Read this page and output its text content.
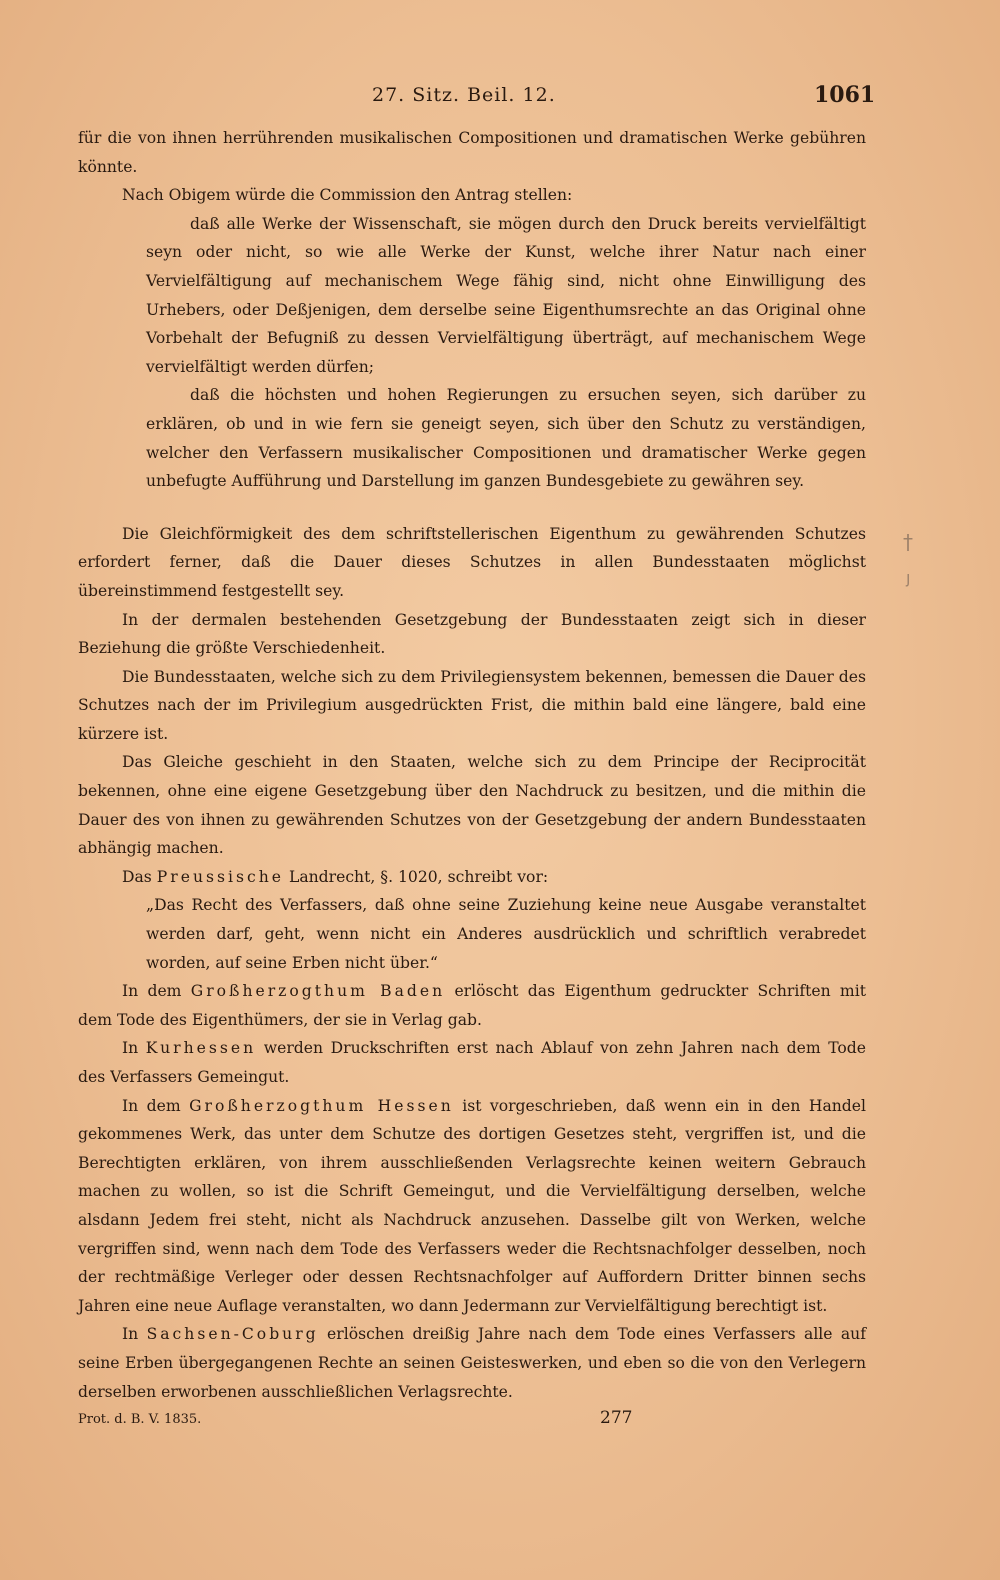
27. Sitz. Beil. 12.	1061

für die von ihnen herrührenden musikalischen Compositionen und dramatischen Werke gebühren könnte.

Nach Obigem würde die Commission den Antrag stellen:

daß alle Werke der Wissenschaft, sie mögen durch den Druck bereits vervielfältigt seyn oder nicht, so wie alle Werke der Kunst, welche ihrer Natur nach einer Vervielfältigung auf mechanischem Wege fähig sind, nicht ohne Einwilligung des Urhebers, oder Deßjenigen, dem derselbe seine Eigenthumsrechte an das Original ohne Vorbehalt der Befugniß zu dessen Vervielfältigung überträgt, auf mechanischem Wege vervielfältigt werden dürfen;

daß die höchsten und hohen Regierungen zu ersuchen seyen, sich darüber zu erklären, ob und in wie fern sie geneigt seyen, sich über den Schutz zu verständigen, welcher den Verfassern musikalischer Compositionen und dramatischer Werke gegen unbefugte Aufführung und Darstellung im ganzen Bundesgebiete zu gewähren sey.

Die Gleichförmigkeit des dem schriftstellerischen Eigenthum zu gewährenden Schutzes erfordert ferner, daß die Dauer dieses Schutzes in allen Bundesstaaten möglichst übereinstimmend festgestellt sey.

In der dermalen bestehenden Gesetzgebung der Bundesstaaten zeigt sich in dieser Beziehung die größte Verschiedenheit.

Die Bundesstaaten, welche sich zu dem Privilegiensystem bekennen, bemessen die Dauer des Schutzes nach der im Privilegium ausgedrückten Frist, die mithin bald eine längere, bald eine kürzere ist.

Das Gleiche geschieht in den Staaten, welche sich zu dem Principe der Reciprocität bekennen, ohne eine eigene Gesetzgebung über den Nachdruck zu besitzen, und die mithin die Dauer des von ihnen zu gewährenden Schutzes von der Gesetzgebung der andern Bundesstaaten abhängig machen.

Das Preussische Landrecht, §. 1020, schreibt vor:

„Das Recht des Verfassers, daß ohne seine Zuziehung keine neue Ausgabe veranstaltet werden darf, geht, wenn nicht ein Anderes ausdrücklich und schriftlich verabredet worden, auf seine Erben nicht über.“

In dem Großherzogthum Baden erlöscht das Eigenthum gedruckter Schriften mit dem Tode des Eigenthümers, der sie in Verlag gab.

In Kurhessen werden Druckschriften erst nach Ablauf von zehn Jahren nach dem Tode des Verfassers Gemeingut.

In dem Großherzogthum Hessen ist vorgeschrieben, daß wenn ein in den Handel gekommenes Werk, das unter dem Schutze des dortigen Gesetzes steht, vergriffen ist, und die Berechtigten erklären, von ihrem ausschließenden Verlagsrechte keinen weitern Gebrauch machen zu wollen, so ist die Schrift Gemeingut, und die Vervielfältigung derselben, welche alsdann Jedem frei steht, nicht als Nachdruck anzusehen. Dasselbe gilt von Werken, welche vergriffen sind, wenn nach dem Tode des Verfassers weder die Rechtsnachfolger desselben, noch der rechtmäßige Verleger oder dessen Rechtsnachfolger auf Auffordern Dritter binnen sechs Jahren eine neue Auflage veranstalten, wo dann Jedermann zur Vervielfältigung berechtigt ist.

In Sachsen-Coburg erlöschen dreißig Jahre nach dem Tode eines Verfassers alle auf seine Erben übergegangenen Rechte an seinen Geisteswerken, und eben so die von den Verlegern derselben erworbenen ausschließlichen Verlagsrechte.

Prot. d. B. V. 1835.	277
†
ȷ
